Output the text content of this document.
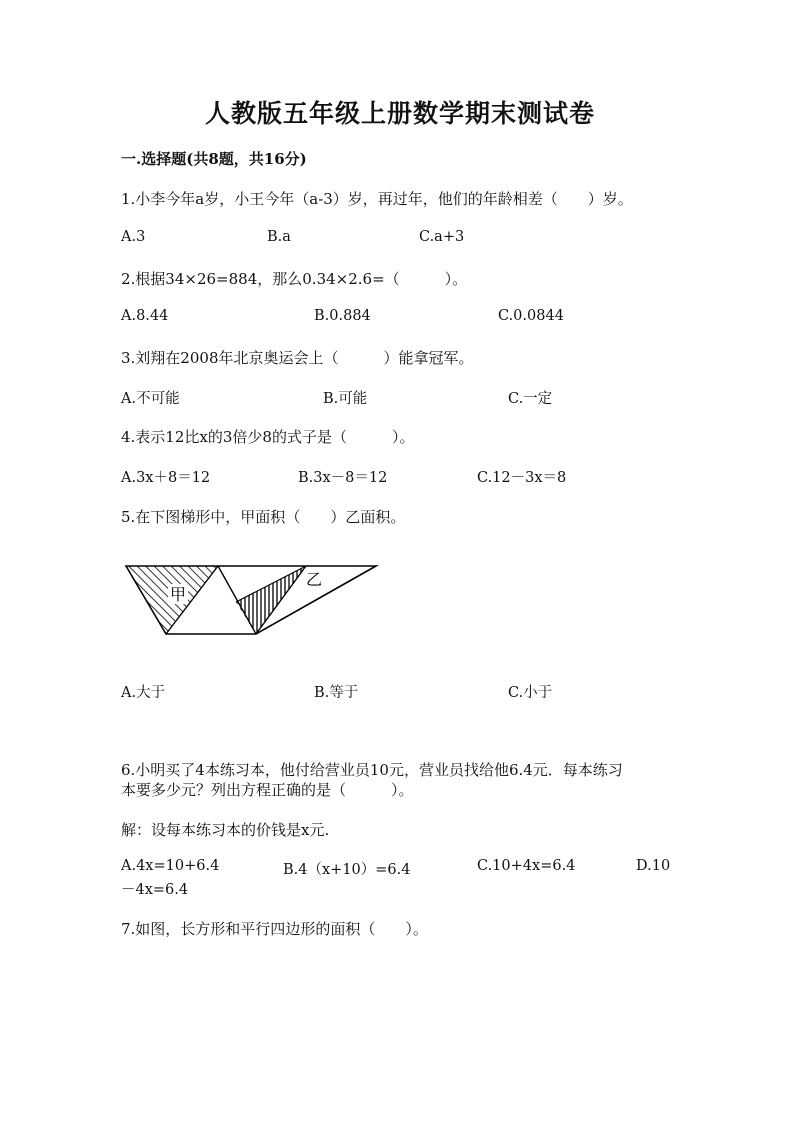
人教版五年级上册数学期末测试卷
一.选择题(共8题，共16分)
1.小李今年a岁，小王今年（a-3）岁，再过年，他们的年龄相差（　　）岁。
A.3	B.a	C.a+3
2.根据34×26=884，那么0.34×2.6=（　　　）。
A.8.44	B.0.884	C.0.0844
3.刘翔在2008年北京奥运会上（　　　）能拿冠军。
A.不可能	B.可能	C.一定
4.表示12比x的3倍少8的式子是（　　　）。
A.3x＋8＝12	B.3x－8＝12	C.12－3x＝8
5.在下图梯形中，甲面积（　　）乙面积。
甲
乙
A.大于	B.等于	C.小于
6.小明买了4本练习本，他付给营业员10元，营业员找给他6.4元．每本练习
本要多少元？列出方程正确的是（　　　）。
解：设每本练习本的价钱是x元.
A.4x=10+6.4	B.4（x+10）=6.4	C.10+4x=6.4	D.10
－4x=6.4
7.如图，长方形和平行四边形的面积（　　）。
